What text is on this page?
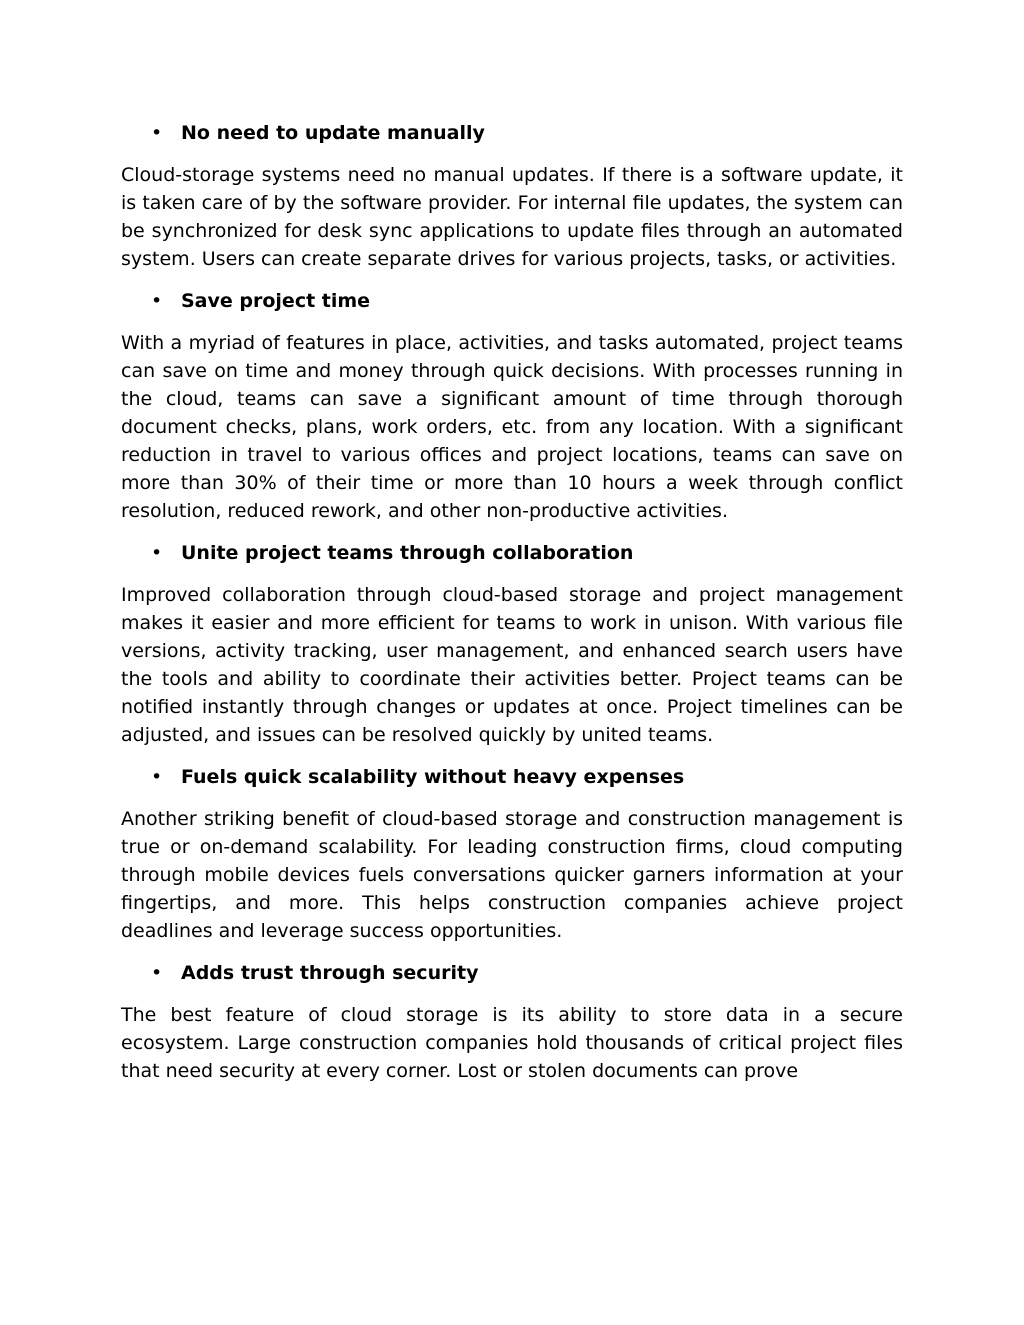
• No need to update manually

Cloud-storage systems need no manual updates. If there is a software update, it is taken care of by the software provider. For internal file updates, the system can be synchronized for desk sync applications to update files through an automated system. Users can create separate drives for various projects, tasks, or activities.

• Save project time

With a myriad of features in place, activities, and tasks automated, project teams can save on time and money through quick decisions. With processes running in the cloud, teams can save a significant amount of time through thorough document checks, plans, work orders, etc. from any location. With a significant reduction in travel to various offices and project locations, teams can save on more than 30% of their time or more than 10 hours a week through conflict resolution, reduced rework, and other non-productive activities.

• Unite project teams through collaboration

Improved collaboration through cloud-based storage and project management makes it easier and more efficient for teams to work in unison. With various file versions, activity tracking, user management, and enhanced search users have the tools and ability to coordinate their activities better. Project teams can be notified instantly through changes or updates at once. Project timelines can be adjusted, and issues can be resolved quickly by united teams.

• Fuels quick scalability without heavy expenses

Another striking benefit of cloud-based storage and construction management is true or on-demand scalability. For leading construction firms, cloud computing through mobile devices fuels conversations quicker garners information at your fingertips, and more. This helps construction companies achieve project deadlines and leverage success opportunities.

• Adds trust through security

The best feature of cloud storage is its ability to store data in a secure ecosystem. Large construction companies hold thousands of critical project files that need security at every corner. Lost or stolen documents can prove
